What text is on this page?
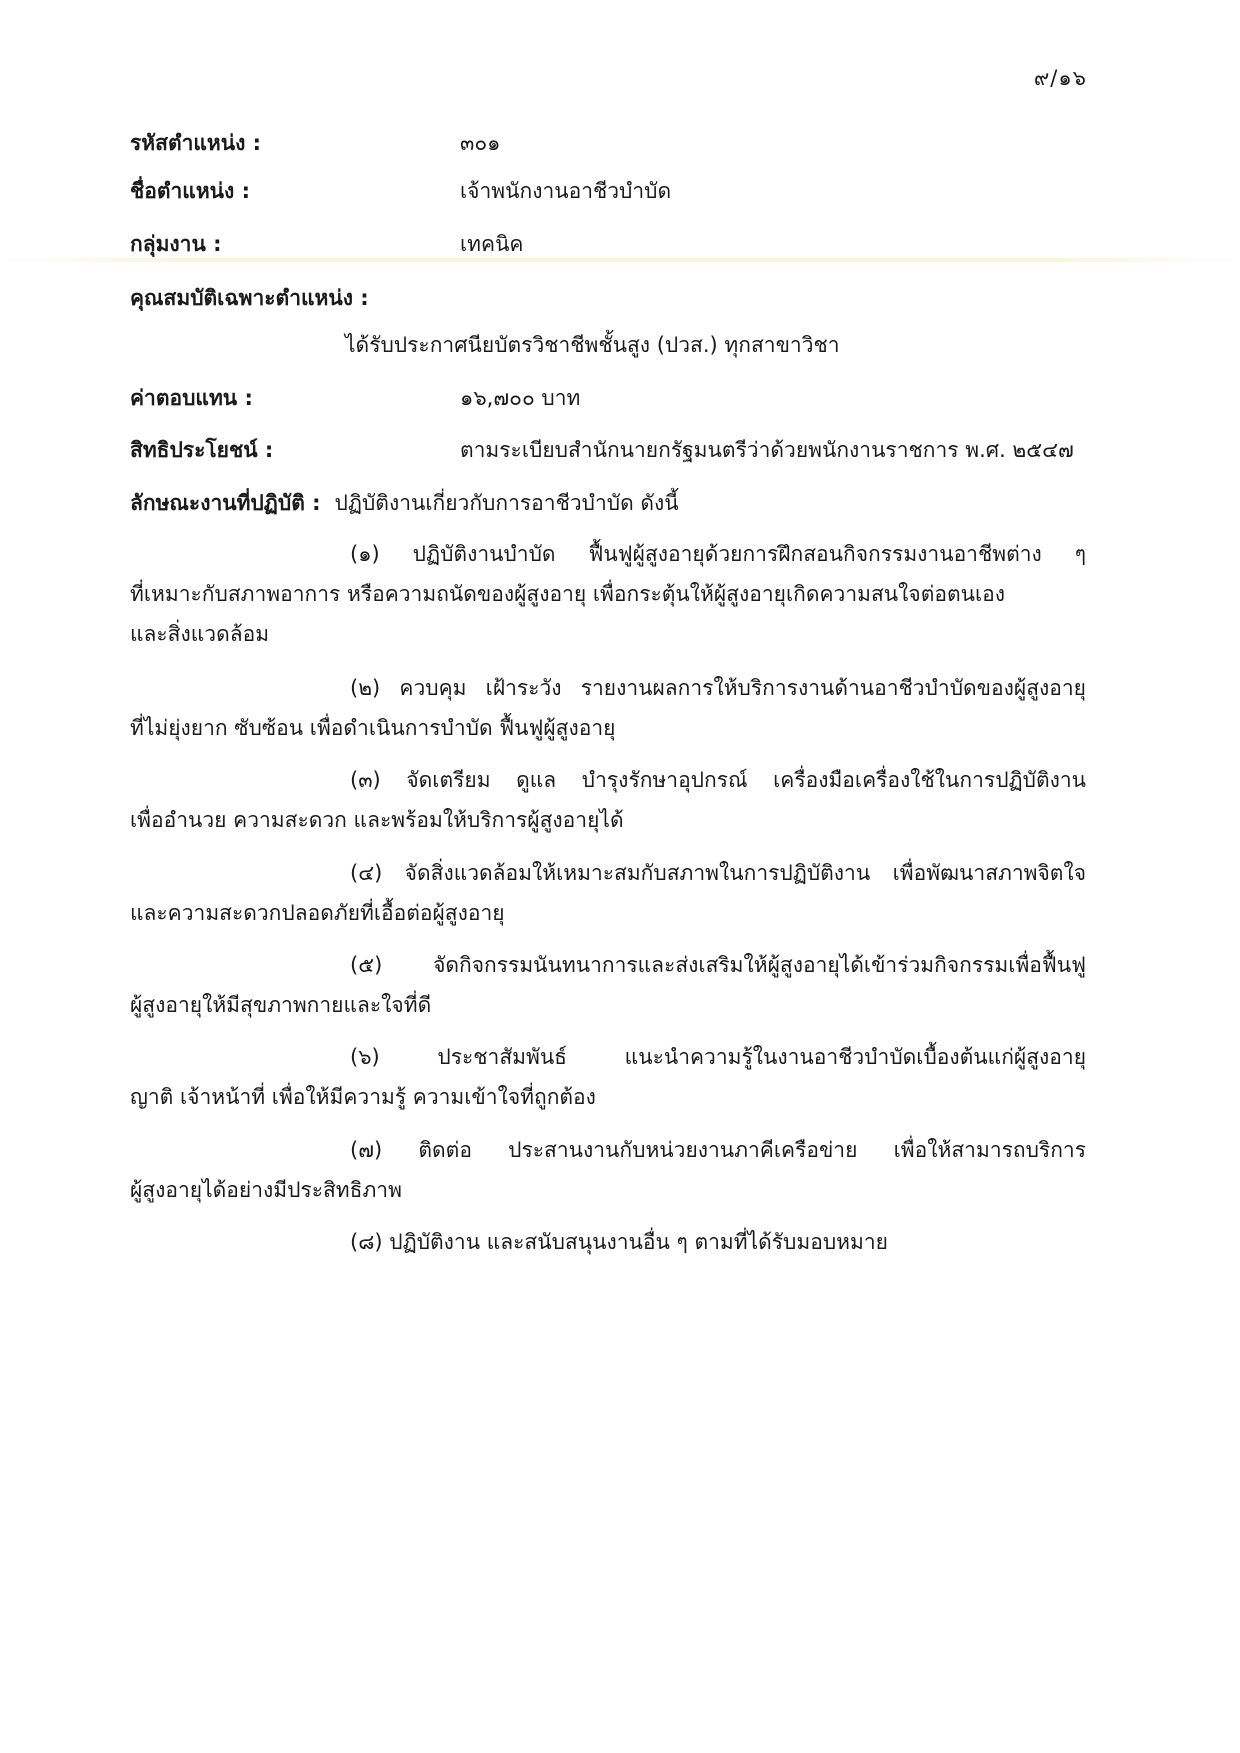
๙/๑๖
รหัสตำแหน่ง :	๓๐๑
ชื่อตำแหน่ง :	เจ้าพนักงานอาชีวบำบัด
กลุ่มงาน :	เทคนิค
คุณสมบัติเฉพาะตำแหน่ง :
ได้รับประกาศนียบัตรวิชาชีพชั้นสูง (ปวส.) ทุกสาขาวิชา
ค่าตอบแทน :	๑๖,๗๐๐ บาท
สิทธิประโยชน์ :	ตามระเบียบสำนักนายกรัฐมนตรีว่าด้วยพนักงานราชการ พ.ศ. ๒๕๔๗
ลักษณะงานที่ปฏิบัติ : ปฏิบัติงานเกี่ยวกับการอาชีวบำบัด ดังนี้
(๑) ปฏิบัติงานบำบัด ฟื้นฟูผู้สูงอายุด้วยการฝึกสอนกิจกรรมงานอาชีพต่าง ๆ
ที่เหมาะกับสภาพอาการ หรือความถนัดของผู้สูงอายุ เพื่อกระตุ้นให้ผู้สูงอายุเกิดความสนใจต่อตนเอง
และสิ่งแวดล้อม
(๒) ควบคุม เฝ้าระวัง รายงานผลการให้บริการงานด้านอาชีวบำบัดของผู้สูงอายุ
ที่ไม่ยุ่งยาก ซับซ้อน เพื่อดำเนินการบำบัด ฟื้นฟูผู้สูงอายุ
(๓) จัดเตรียม ดูแล บำรุงรักษาอุปกรณ์ เครื่องมือเครื่องใช้ในการปฏิบัติงาน
เพื่ออำนวย ความสะดวก และพร้อมให้บริการผู้สูงอายุได้
(๔) จัดสิ่งแวดล้อมให้เหมาะสมกับสภาพในการปฏิบัติงาน เพื่อพัฒนาสภาพจิตใจ
และความสะดวกปลอดภัยที่เอื้อต่อผู้สูงอายุ
(๕) จัดกิจกรรมนันทนาการและส่งเสริมให้ผู้สูงอายุได้เข้าร่วมกิจกรรมเพื่อฟื้นฟู
ผู้สูงอายุให้มีสุขภาพกายและใจที่ดี
(๖) ประชาสัมพันธ์ แนะนำความรู้ในงานอาชีวบำบัดเบื้องต้นแก่ผู้สูงอายุ
ญาติ เจ้าหน้าที่ เพื่อให้มีความรู้ ความเข้าใจที่ถูกต้อง
(๗) ติดต่อ ประสานงานกับหน่วยงานภาคีเครือข่าย เพื่อให้สามารถบริการ
ผู้สูงอายุได้อย่างมีประสิทธิภาพ
(๘) ปฏิบัติงาน และสนับสนุนงานอื่น ๆ ตามที่ได้รับมอบหมาย
